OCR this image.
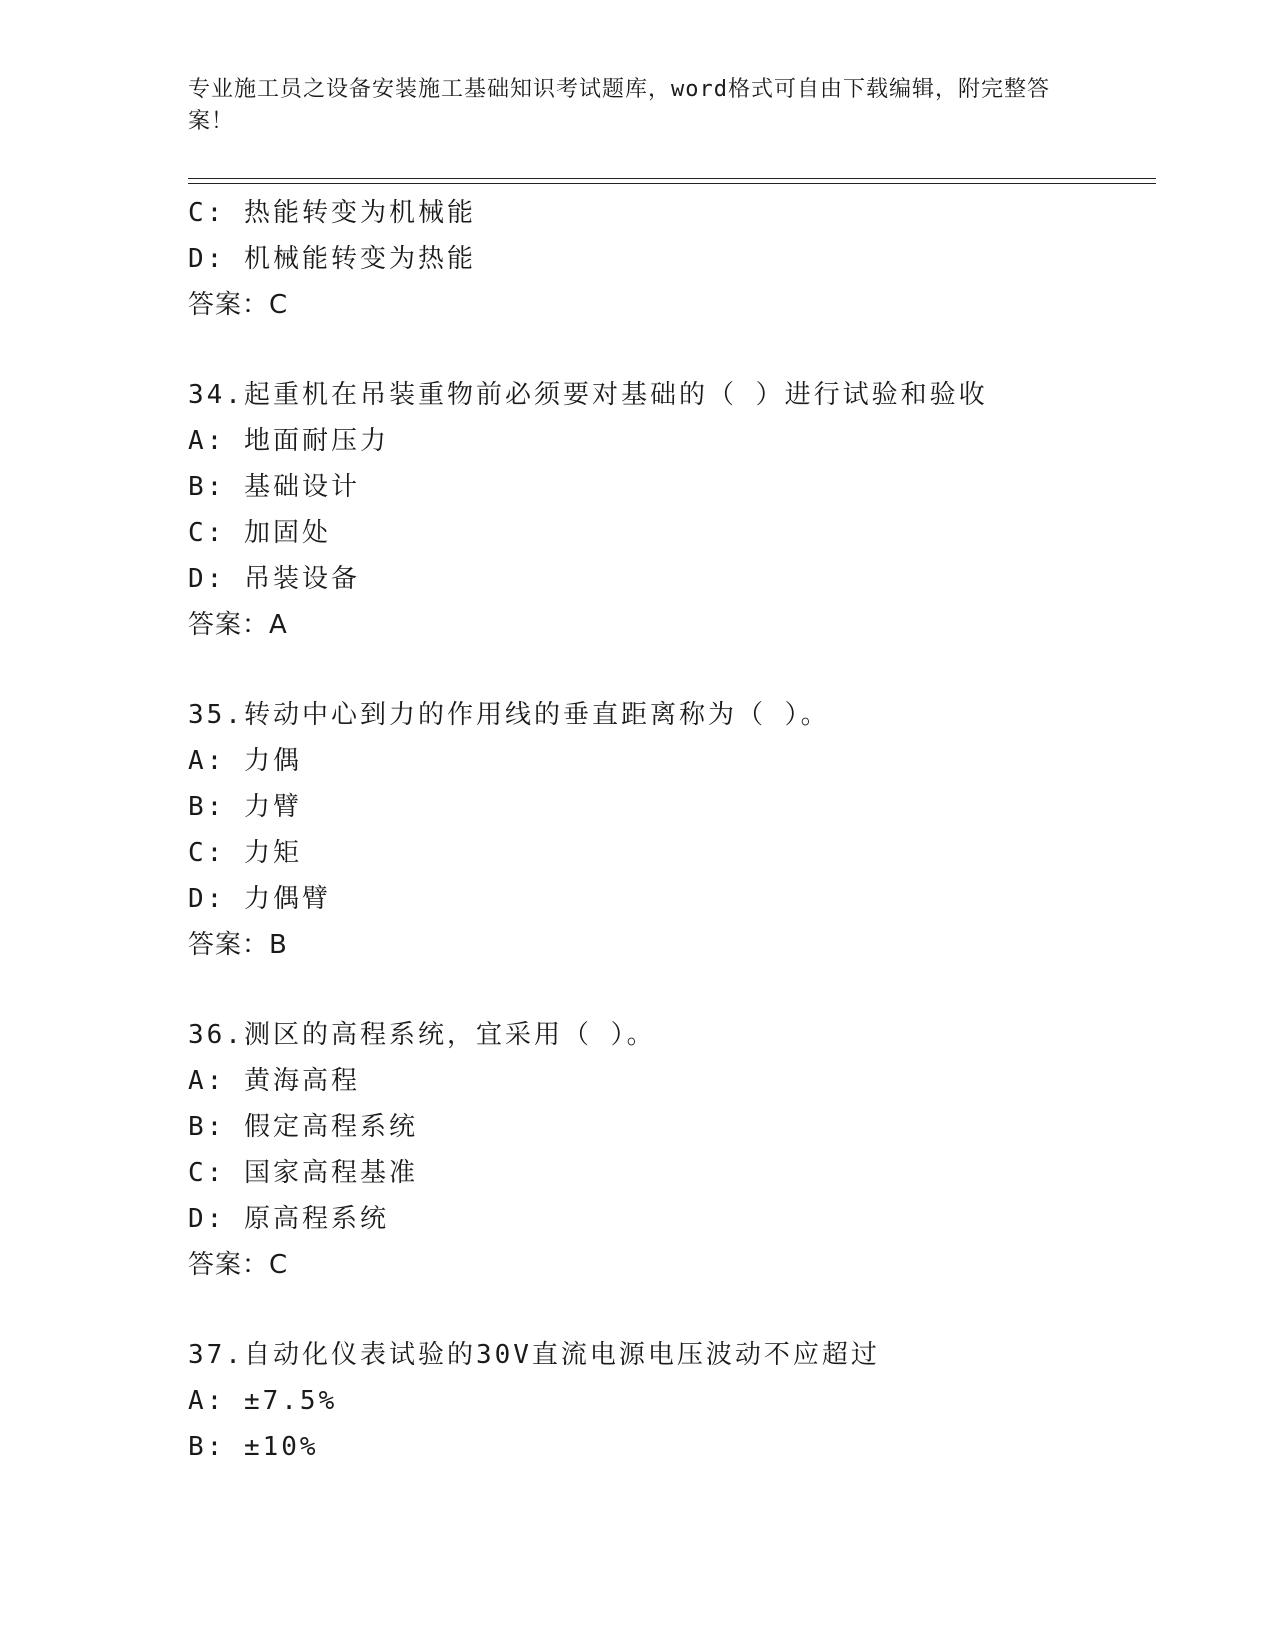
专业施工员之设备安装施工基础知识考试题库，word格式可自由下载编辑，附完整答案！
C: 热能转变为机械能
D: 机械能转变为热能
答案：C
34.起重机在吊装重物前必须要对基础的（ ）进行试验和验收
A: 地面耐压力
B: 基础设计
C: 加固处
D: 吊装设备
答案：A
35.转动中心到力的作用线的垂直距离称为（ ）。
A: 力偶
B: 力臂
C: 力矩
D: 力偶臂
答案：B
36.测区的高程系统，宜采用（ ）。
A: 黄海高程
B: 假定高程系统
C: 国家高程基准
D: 原高程系统
答案：C
37.自动化仪表试验的30V直流电源电压波动不应超过
A: ±7.5%
B: ±10%
